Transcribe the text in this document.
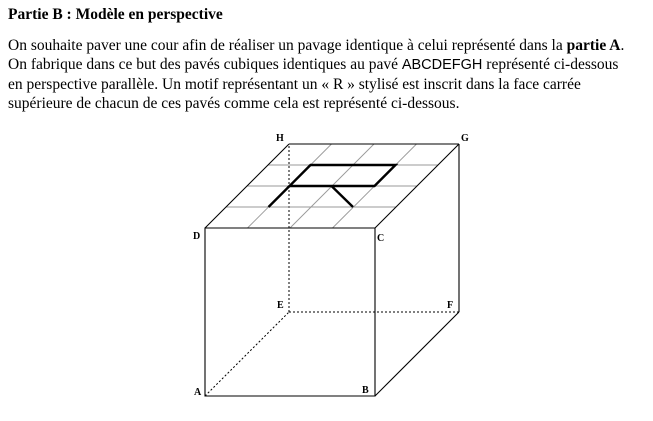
Partie B : Modèle en perspective
On souhaite paver une cour afin de réaliser un pavage identique à celui représenté dans la partie A.
On fabrique dans ce but des pavés cubiques identiques au pavé ABCDEFGH représenté ci-dessous
en perspective parallèle. Un motif représentant un « R » stylisé est inscrit dans la face carrée
supérieure de chacun de ces pavés comme cela est représenté ci-dessous.
H	G
D	C
E	F
A	B
